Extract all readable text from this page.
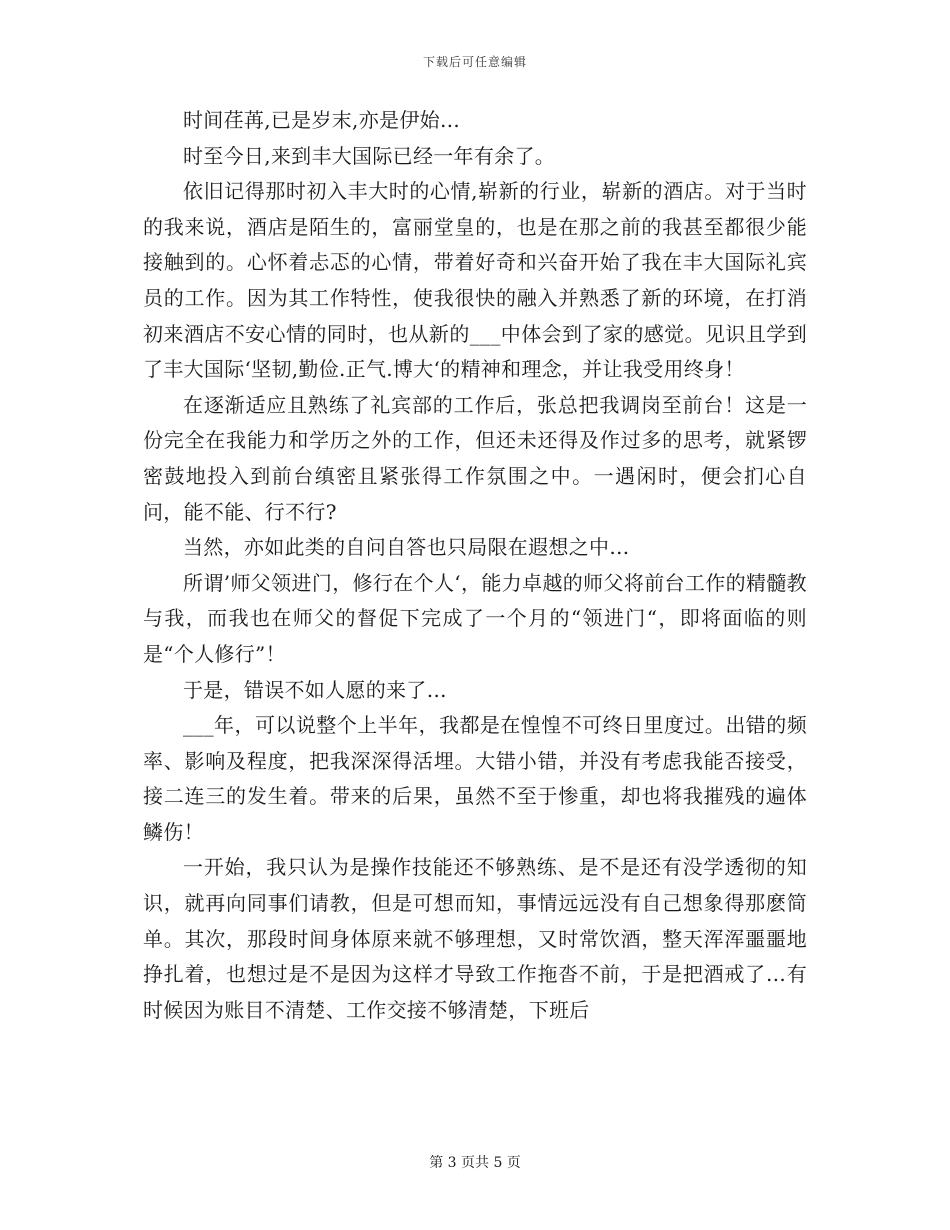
下载后可任意编辑

时间荏苒,已是岁末,亦是伊始…

时至今日,来到丰大国际已经一年有余了。

依旧记得那时初入丰大时的心情,崭新的行业，崭新的酒店。对于当时的我来说，酒店是陌生的，富丽堂皇的，也是在那之前的我甚至都很少能接触到的。心怀着忐忑的心情，带着好奇和兴奋开始了我在丰大国际礼宾员的工作。因为其工作特性，使我很快的融入并熟悉了新的环境，在打消初来酒店不安心情的同时，也从新的___中体会到了家的感觉。见识且学到了丰大国际‘坚韧,勤俭.正气.博大‘的精神和理念，并让我受用终身！

在逐渐适应且熟练了礼宾部的工作后，张总把我调岗至前台！这是一份完全在我能力和学历之外的工作，但还未还得及作过多的思考，就紧锣密鼓地投入到前台缜密且紧张得工作氛围之中。一遇闲时，便会扪心自问，能不能、行不行?

当然，亦如此类的自问自答也只局限在遐想之中…

所谓’师父领进门，修行在个人‘，能力卓越的师父将前台工作的精髓教与我，而我也在师父的督促下完成了一个月的“领进门“，即将面临的则是“个人修行”！

于是，错误不如人愿的来了…

___年，可以说整个上半年，我都是在惶惶不可终日里度过。出错的频率、影响及程度，把我深深得活埋。大错小错，并没有考虑我能否接受，接二连三的发生着。带来的后果，虽然不至于惨重，却也将我摧残的遍体鳞伤！

一开始，我只认为是操作技能还不够熟练、是不是还有没学透彻的知识，就再向同事们请教，但是可想而知，事情远远没有自己想象得那麽简单。其次，那段时间身体原来就不够理想，又时常饮酒，整天浑浑噩噩地挣扎着，也想过是不是因为这样才导致工作拖沓不前，于是把酒戒了…有时候因为账目不清楚、工作交接不够清楚，下班后

第 3 页共 5 页
